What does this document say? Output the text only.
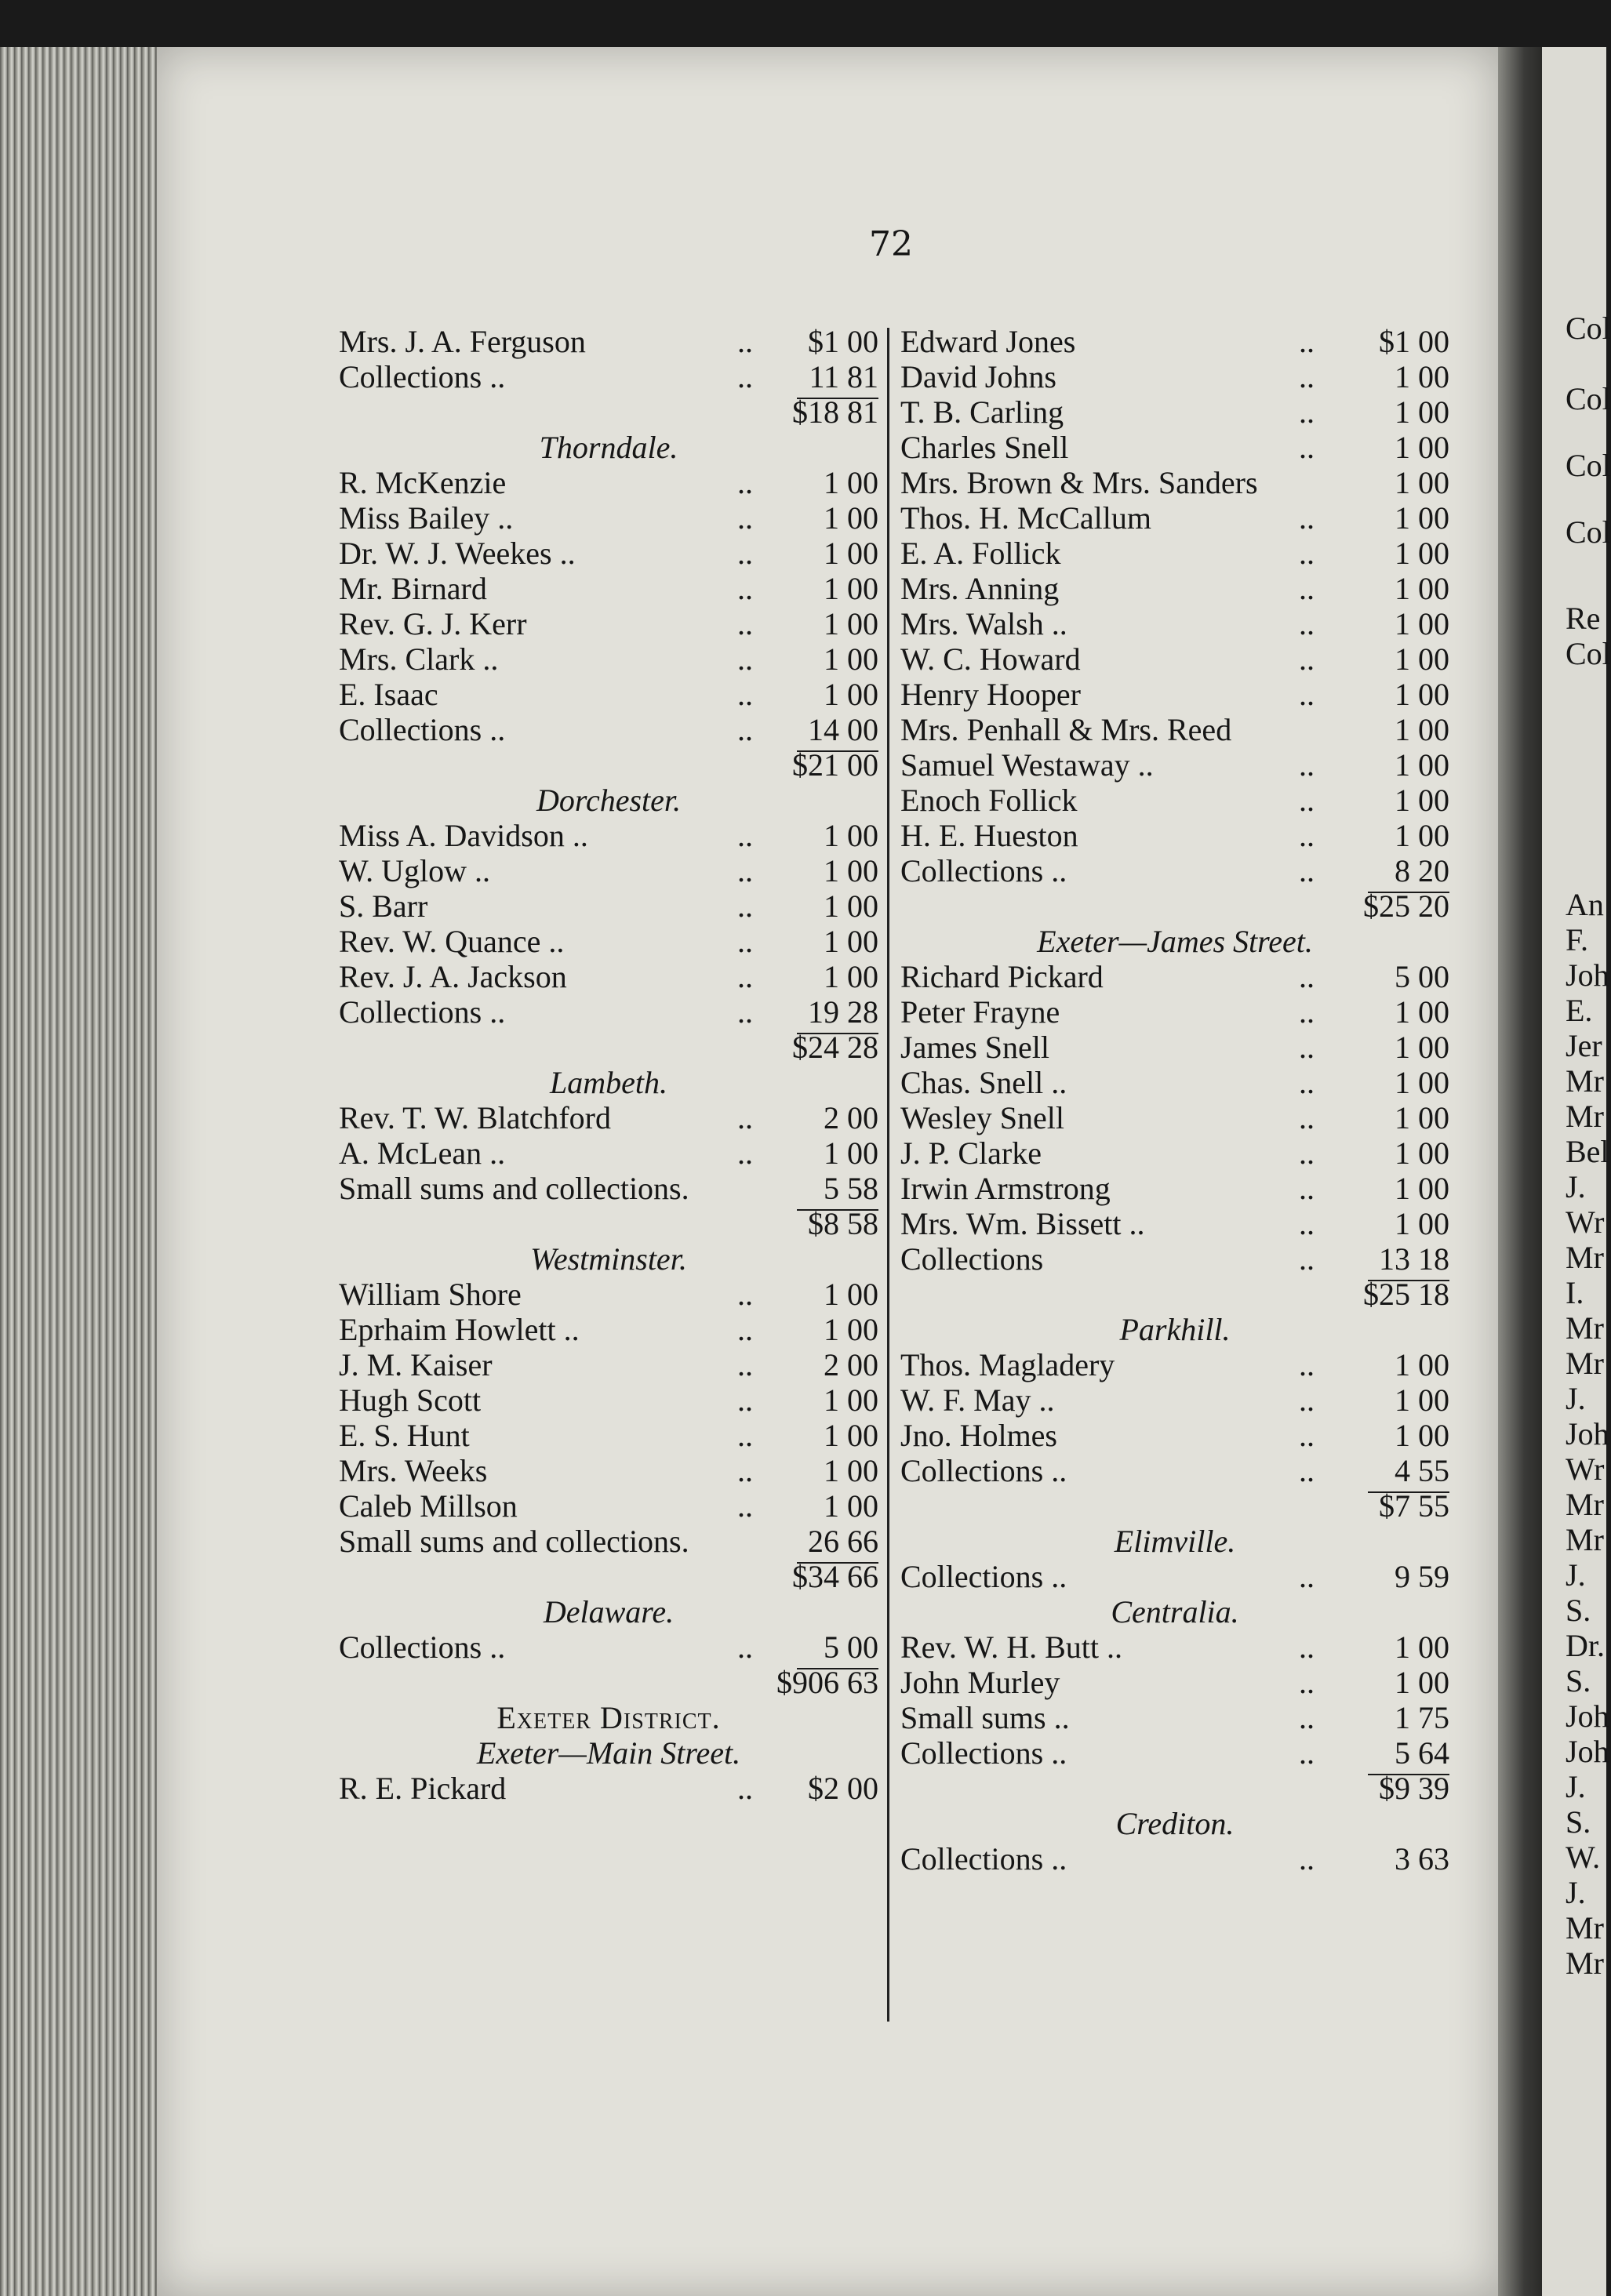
Col
Col
Col
Col
Re
Col
An
F.
Joh
E.
Jer
Mr
Mr
Bel
J.
Wr
Mr
I.
Mr
Mr
J.
Joh
Wr
Mr
Mr
J.
S.
Dr.
S.
Joh
Joh
J.
S.
W.
J.
Mr
Mr
72
Mrs. J. A. Ferguson	.. $1 00
Collections ..	.. 11 81
$18 81
Thorndale.
R. McKenzie	.. 1 00
Miss Bailey ..	.. 1 00
Dr. W. J. Weekes ..	.. 1 00
Mr. Birnard	.. 1 00
Rev. G. J. Kerr	.. 1 00
Mrs. Clark ..	.. 1 00
E. Isaac	.. 1 00
Collections ..	.. 14 00
$21 00
Dorchester.
Miss A. Davidson ..	.. 1 00
W. Uglow ..	.. 1 00
S. Barr	.. 1 00
Rev. W. Quance ..	.. 1 00
Rev. J. A. Jackson	.. 1 00
Collections ..	.. 19 28
$24 28
Lambeth.
Rev. T. W. Blatchford	.. 2 00
A. McLean ..	.. 1 00
Small sums and collections.	5 58
$8 58
Westminster.
William Shore	.. 1 00
Eprhaim Howlett ..	.. 1 00
J. M. Kaiser	.. 2 00
Hugh Scott	.. 1 00
E. S. Hunt	.. 1 00
Mrs. Weeks	.. 1 00
Caleb Millson	.. 1 00
Small sums and collections.	26 66
$34 66
Delaware.
Collections ..	.. 5 00
$906 63
Exeter District.
Exeter—Main Street.
R. E. Pickard	.. $2 00
Edward Jones	.. $1 00
David Johns	..	1 00
T. B. Carling	..	1 00
Charles Snell	..	1 00
Mrs. Brown & Mrs. Sanders	1 00
Thos. H. McCallum	..	1 00
E. A. Follick	..	1 00
Mrs. Anning	..	1 00
Mrs. Walsh ..	..	1 00
W. C. Howard	..	1 00
Henry Hooper	..	1 00
Mrs. Penhall & Mrs. Reed	1 00
Samuel Westaway ..	..	1 00
Enoch Follick	..	1 00
H. E. Hueston	..	1 00
Collections ..	..	8 20
$25 20
Exeter—James Street.
Richard Pickard	..	5 00
Peter Frayne	..	1 00
James Snell	..	1 00
Chas. Snell ..	..	1 00
Wesley Snell	..	1 00
J. P. Clarke	..	1 00
Irwin Armstrong	..	1 00
Mrs. Wm. Bissett ..	..	1 00
Collections	.. 13 18
$25 18
Parkhill.
Thos. Magladery	..	1 00
W. F. May ..	..	1 00
Jno. Holmes	..	1 00
Collections ..	..	4 55
$7 55
Elimville.
Collections ..	..	9 59
Centralia.
Rev. W. H. Butt ..	..	1 00
John Murley	..	1 00
Small sums ..	..	1 75
Collections ..	..	5 64
$9 39
Crediton.
Collections ..	..	3 63
